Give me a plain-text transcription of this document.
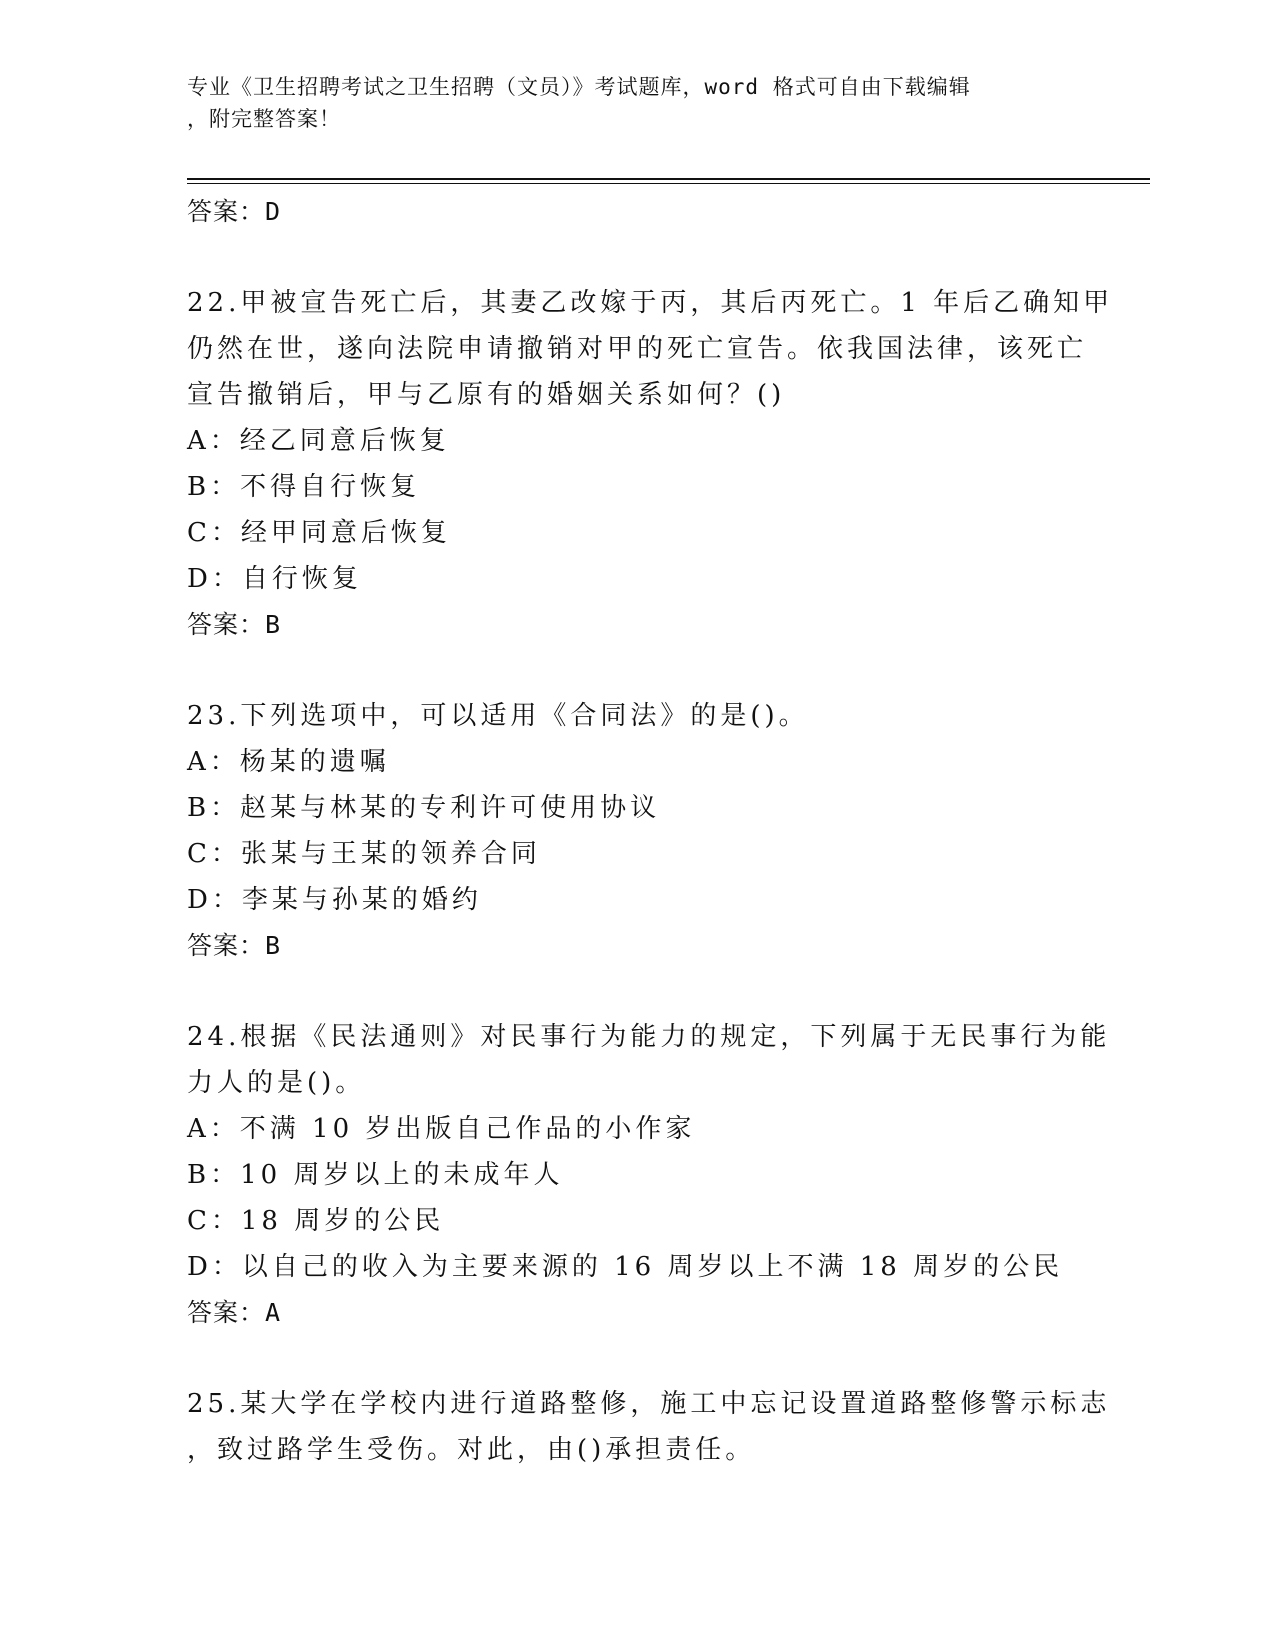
专业《卫生招聘考试之卫生招聘（文员）》考试题库，word 格式可自由下载编辑
，附完整答案！
答案：D
22.甲被宣告死亡后，其妻乙改嫁于丙，其后丙死亡。1 年后乙确知甲
仍然在世，遂向法院申请撤销对甲的死亡宣告。依我国法律，该死亡
宣告撤销后，甲与乙原有的婚姻关系如何？()
A：经乙同意后恢复
B：不得自行恢复
C：经甲同意后恢复
D：自行恢复
答案：B
23.下列选项中，可以适用《合同法》的是()。
A：杨某的遗嘱
B：赵某与林某的专利许可使用协议
C：张某与王某的领养合同
D：李某与孙某的婚约
答案：B
24.根据《民法通则》对民事行为能力的规定，下列属于无民事行为能
力人的是()。
A：不满 10 岁出版自己作品的小作家
B：10 周岁以上的未成年人
C：18 周岁的公民
D：以自己的收入为主要来源的 16 周岁以上不满 18 周岁的公民
答案：A
25.某大学在学校内进行道路整修，施工中忘记设置道路整修警示标志
，致过路学生受伤。对此，由()承担责任。
